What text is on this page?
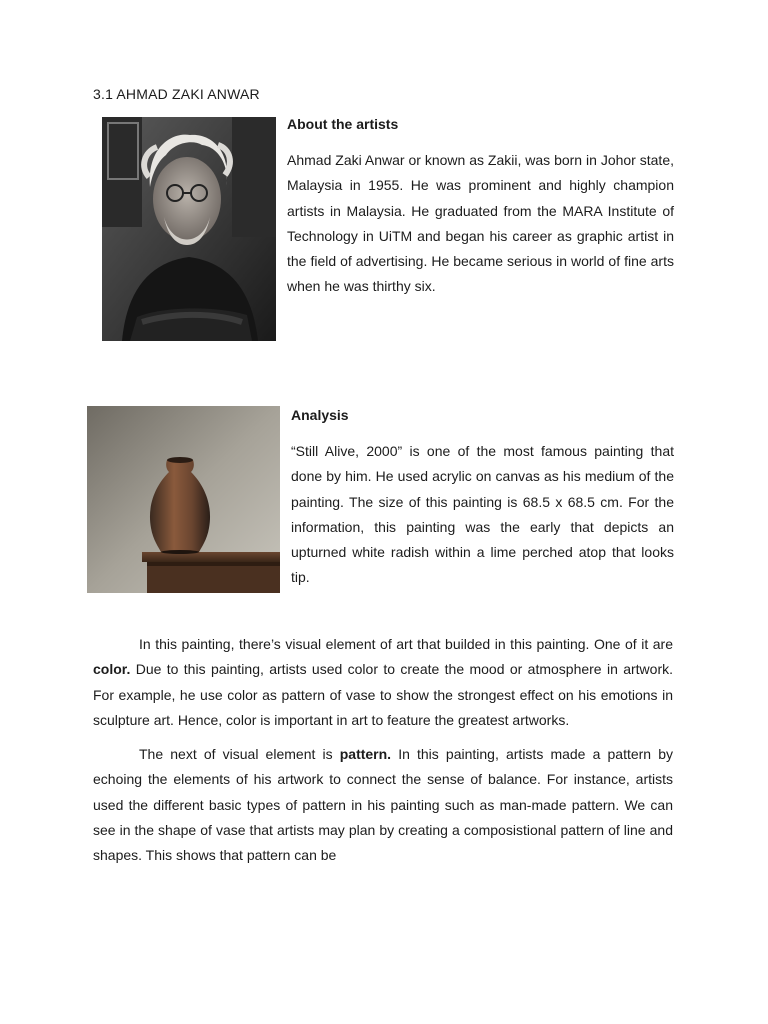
3.1 AHMAD ZAKI ANWAR
About the artists

Ahmad Zaki Anwar or known as Zakii, was born in Johor state, Malaysia in 1955. He was prominent and highly champion artists in Malaysia. He graduated from the MARA Institute of Technology in UiTM and began his career as graphic artist in the field of advertising. He became serious in world of fine arts when he was thirthy six.

Analysis

“Still Alive, 2000” is one of the most famous painting that done by him. He used acrylic on canvas as his medium of the painting. The size of this painting is 68.5 x 68.5 cm. For the information, this painting was the early that depicts an upturned white radish within a lime perched atop that looks tip.

In this painting, there’s visual element of art that builded in this painting. One of it are color. Due to this painting, artists used color to create the mood or atmosphere in artwork. For example, he use color as pattern of vase to show the strongest effect on his emotions in sculpture art. Hence, color is important in art to feature the greatest artworks.

The next of visual element is pattern. In this painting, artists made a pattern by echoing the elements of his artwork to connect the sense of balance. For instance, artists used the different basic types of pattern in his painting such as man-made pattern. We can see in the shape of vase that artists may plan by creating a composistional pattern of line and shapes. This shows that pattern can be
